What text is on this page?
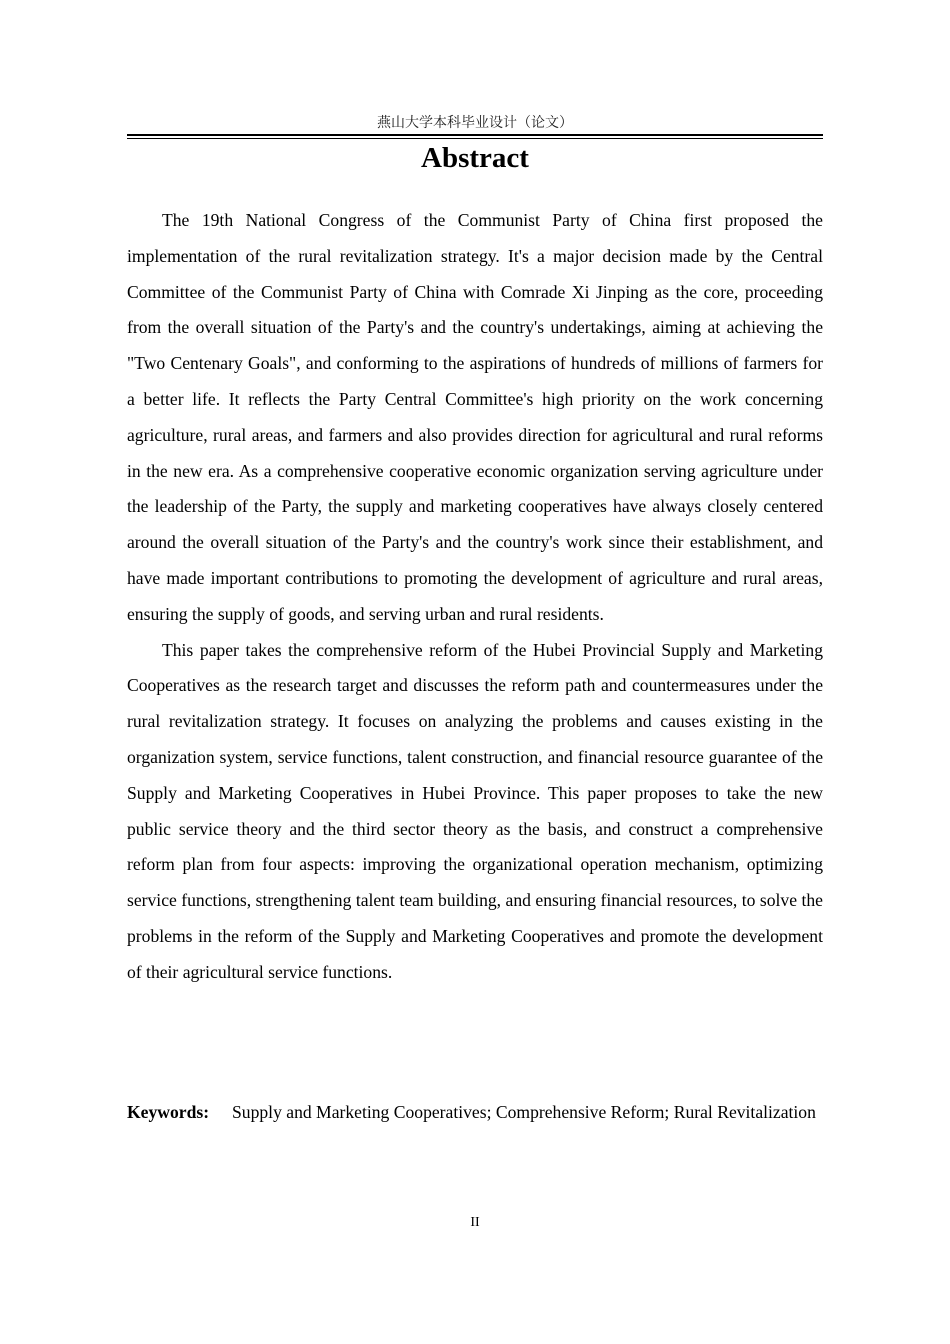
燕山大学本科毕业设计（论文）
Abstract

The 19th National Congress of the Communist Party of China first proposed the implementation of the rural revitalization strategy. It's a major decision made by the Central Committee of the Communist Party of China with Comrade Xi Jinping as the core, proceeding from the overall situation of the Party's and the country's undertakings, aiming at achieving the "Two Centenary Goals", and conforming to the aspirations of hundreds of millions of farmers for a better life. It reflects the Party Central Committee's high priority on the work concerning agriculture, rural areas, and farmers and also provides direction for agricultural and rural reforms in the new era. As a comprehensive cooperative economic organization serving agriculture under the leadership of the Party, the supply and marketing cooperatives have always closely centered around the overall situation of the Party's and the country's work since their establishment, and have made important contributions to promoting the development of agriculture and rural areas, ensuring the supply of goods, and serving urban and rural residents.

This paper takes the comprehensive reform of the Hubei Provincial Supply and Marketing Cooperatives as the research target and discusses the reform path and countermeasures under the rural revitalization strategy. It focuses on analyzing the problems and causes existing in the organization system, service functions, talent construction, and financial resource guarantee of the Supply and Marketing Cooperatives in Hubei Province. This paper proposes to take the new public service theory and the third sector theory as the basis, and construct a comprehensive reform plan from four aspects: improving the organizational operation mechanism, optimizing service functions, strengthening talent team building, and ensuring financial resources, to solve the problems in the reform of the Supply and Marketing Cooperatives and promote the development of their agricultural service functions.

Keywords:	Supply and Marketing Cooperatives; Comprehensive Reform; Rural Revitalization
II
